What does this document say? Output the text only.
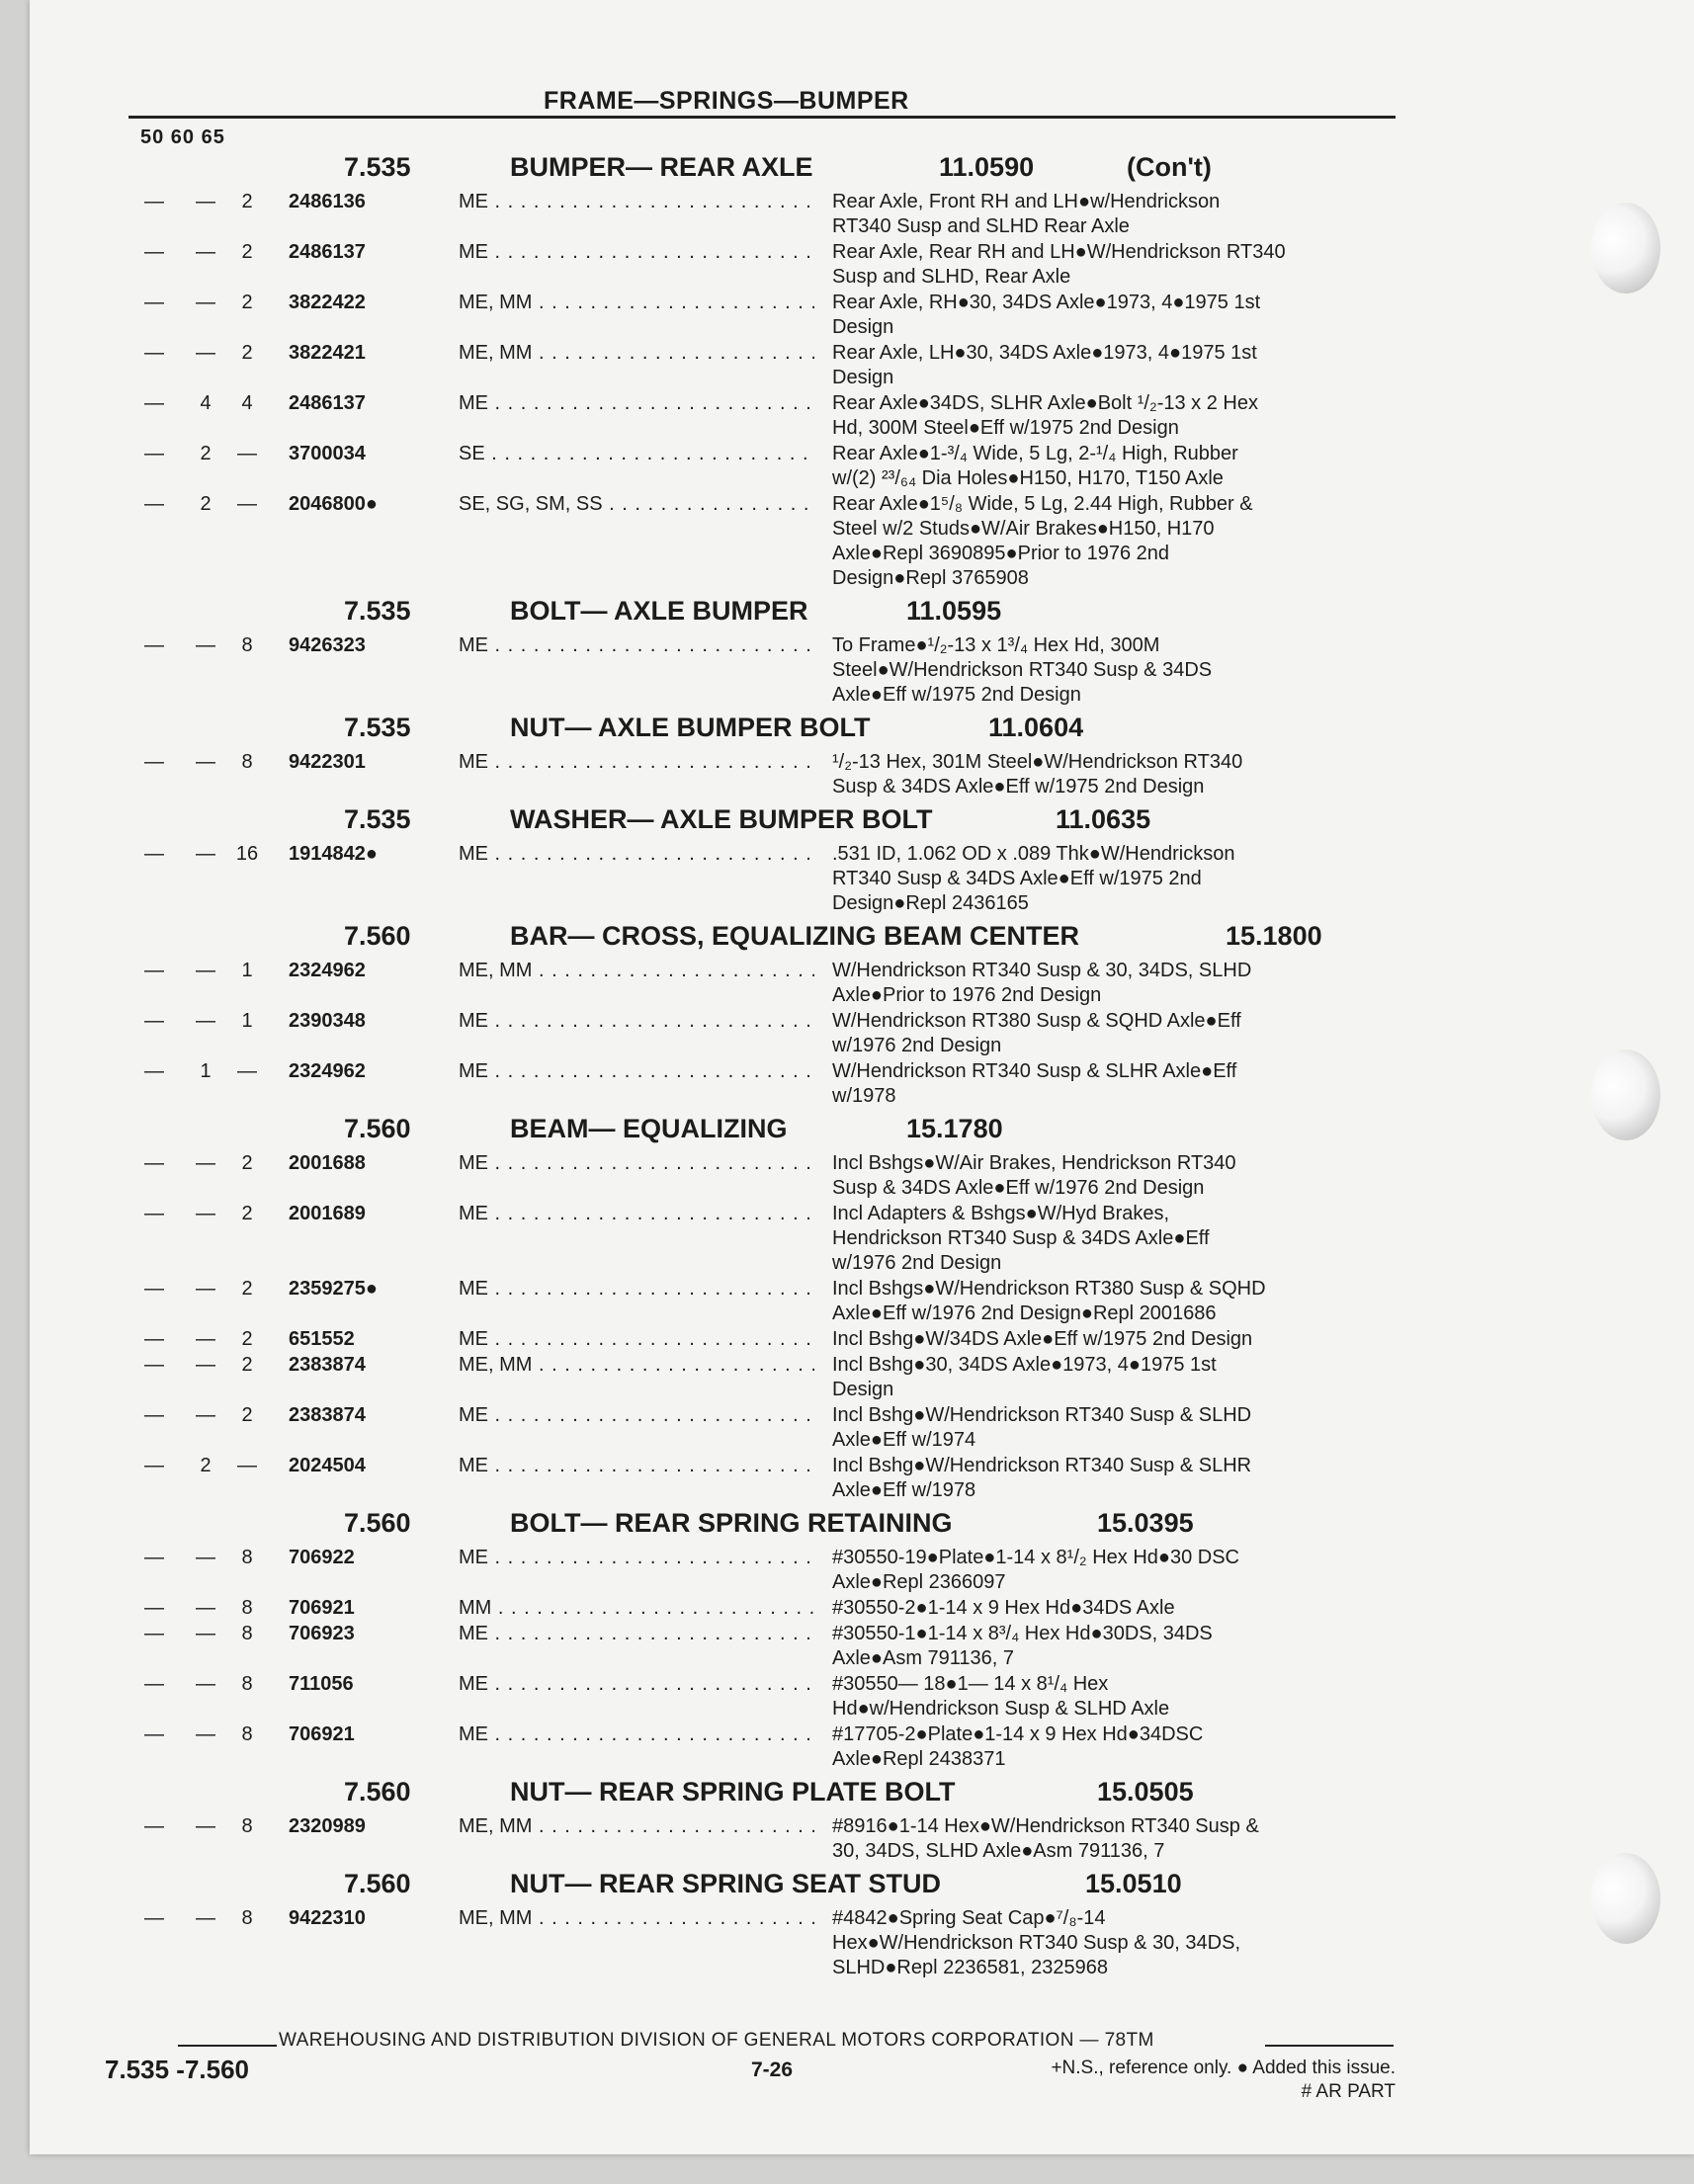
FRAME—SPRINGS—BUMPER
50 60 65
7.535	BUMPER— REAR AXLE	11.0590	(Con't)
— —	2	2486136	ME . . .	Rear Axle, Front RH and LH●w/Hendrickson
RT340 Susp and SLHD Rear Axle
— —	2	2486137	ME . . .	Rear Axle, Rear RH and LH●W/Hendrickson RT340
Susp and SLHD, Rear Axle
— —	2	3822422	ME, MM . . .	Rear Axle, RH●30, 34DS Axle●1973, 4●1975 1st
Design
— —	2	3822421	ME, MM . . .	Rear Axle, LH●30, 34DS Axle●1973, 4●1975 1st
Design
—	4	4	2486137	ME . . .	Rear Axle●34DS, SLHR Axle●Bolt ¹/₂-13 x 2 Hex
Hd, 300M Steel●Eff w/1975 2nd Design
—	2	—	3700034	SE . . .	Rear Axle●1-³/₄ Wide, 5 Lg, 2-¹/₄ High, Rubber
w/(2) ²³/₆₄ Dia Holes●H150, H170, T150 Axle
—	2	—	2046800●	SE, SG, SM, SS . . .	Rear Axle●1⁵/₈ Wide, 5 Lg, 2.44 High, Rubber &
Steel w/2 Studs●W/Air Brakes●H150, H170
Axle●Repl 3690895●Prior to 1976 2nd
Design●Repl 3765908
7.535	BOLT— AXLE BUMPER	11.0595
— —	8	9426323	ME . . .	To Frame●¹/₂-13 x 1³/₄ Hex Hd, 300M
Steel●W/Hendrickson RT340 Susp & 34DS
Axle●Eff w/1975 2nd Design
7.535	NUT— AXLE BUMPER BOLT	11.0604
— —	8	9422301	ME . . .	¹/₂-13 Hex, 301M Steel●W/Hendrickson RT340
Susp & 34DS Axle●Eff w/1975 2nd Design
7.535	WASHER— AXLE BUMPER BOLT	11.0635
— — 16 1914842●	ME . . .	.531 ID, 1.062 OD x .089 Thk●W/Hendrickson
RT340 Susp & 34DS Axle●Eff w/1975 2nd
Design●Repl 2436165
7.560	BAR— CROSS, EQUALIZING BEAM CENTER	15.1800
— —	1	2324962	ME, MM . . .	W/Hendrickson RT340 Susp & 30, 34DS, SLHD
Axle●Prior to 1976 2nd Design
— —	1	2390348	ME . . .	W/Hendrickson RT380 Susp & SQHD Axle●Eff
w/1976 2nd Design
—	1	—	2324962	ME . . .	W/Hendrickson RT340 Susp & SLHR Axle●Eff
w/1978
7.560	BEAM— EQUALIZING	15.1780
— —	2	2001688	ME . . .	Incl Bshgs●W/Air Brakes, Hendrickson RT340
Susp & 34DS Axle●Eff w/1976 2nd Design
— —	2	2001689	ME . . .	Incl Adapters & Bshgs●W/Hyd Brakes,
Hendrickson RT340 Susp & 34DS Axle●Eff
w/1976 2nd Design
— —	2	2359275●	ME . . .	Incl Bshgs●W/Hendrickson RT380 Susp & SQHD
Axle●Eff w/1976 2nd Design●Repl 2001686
— —	2	651552	ME . . .	Incl Bshg●W/34DS Axle●Eff w/1975 2nd Design
— —	2	2383874	ME, MM . . .	Incl Bshg●30, 34DS Axle●1973, 4●1975 1st
Design
— —	2	2383874	ME . . .	Incl Bshg●W/Hendrickson RT340 Susp & SLHD
Axle●Eff w/1974
—	2	—	2024504	ME . . .	Incl Bshg●W/Hendrickson RT340 Susp & SLHR
Axle●Eff w/1978
7.560	BOLT— REAR SPRING RETAINING	15.0395
— —	8	706922	ME . . .	#30550-19●Plate●1-14 x 8¹/₂ Hex Hd●30 DSC
Axle●Repl 2366097
— —	8	706921	MM . . .	#30550-2●1-14 x 9 Hex Hd●34DS Axle
— —	8	706923	ME . . .	#30550-1●1-14 x 8³/₄ Hex Hd●30DS, 34DS
Axle●Asm 791136, 7
— —	8	711056	ME . . .	#30550— 18●1— 14 x 8¹/₄ Hex
Hd●w/Hendrickson Susp & SLHD Axle
— —	8	706921	ME . . .	#17705-2●Plate●1-14 x 9 Hex Hd●34DSC
Axle●Repl 2438371
7.560	NUT— REAR SPRING PLATE BOLT	15.0505
— —	8	2320989	ME, MM . . .	#8916●1-14 Hex●W/Hendrickson RT340 Susp &
30, 34DS, SLHD Axle●Asm 791136, 7
7.560	NUT— REAR SPRING SEAT STUD	15.0510
— —	8	9422310	ME, MM . . .	#4842●Spring Seat Cap●⁷/₈-14
Hex●W/Hendrickson RT340 Susp & 30, 34DS,
SLHD●Repl 2236581, 2325968
WAREHOUSING AND DISTRIBUTION DIVISION OF GENERAL MOTORS CORPORATION — 78TM
7.535 -7.560	7-26	+N.S., reference only. ● Added this issue.
# AR PART
